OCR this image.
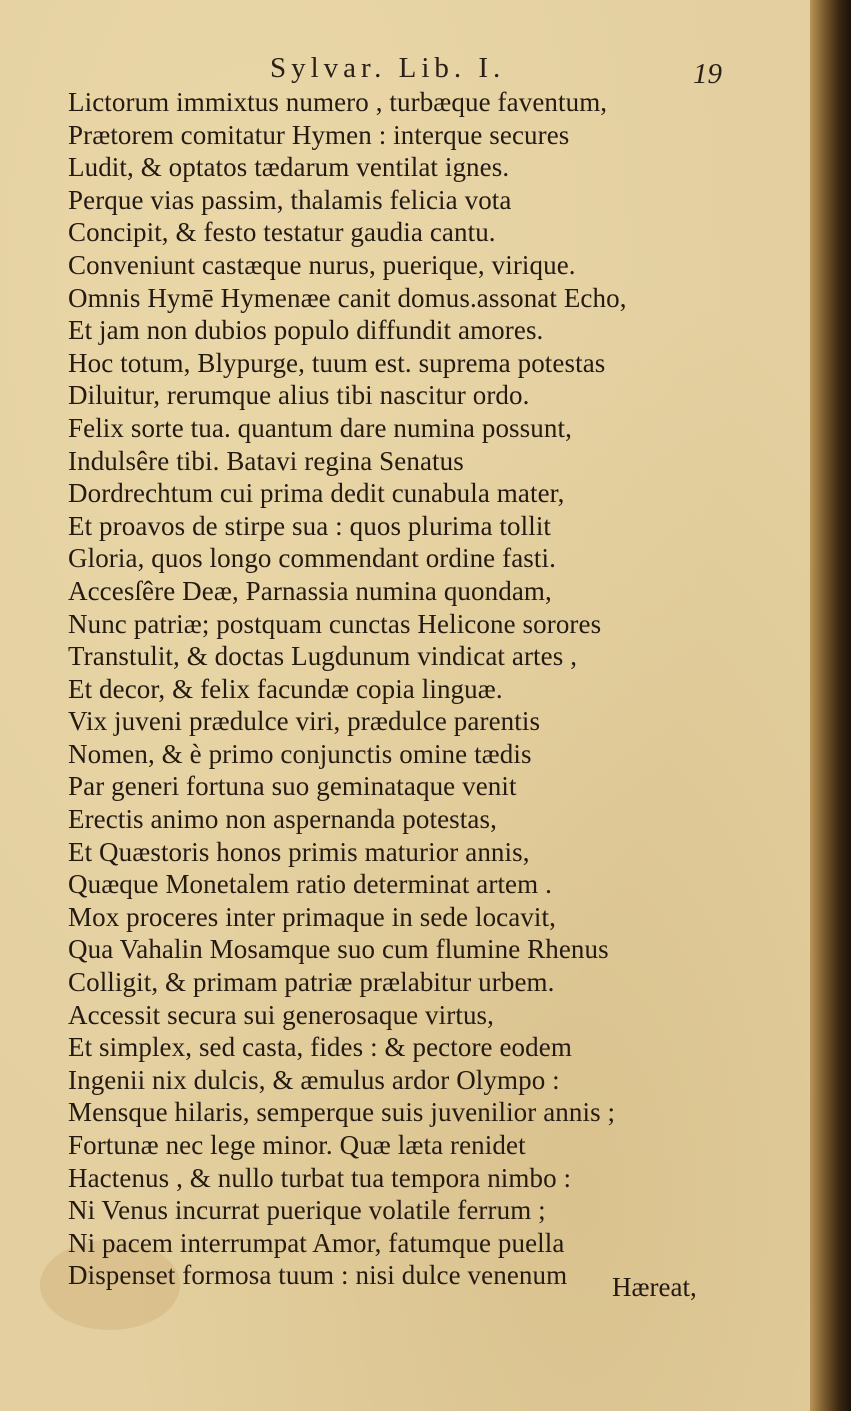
Sylvar. Lib. I.	19
Lictorum immixtus numero , turbæque faventum,
Prætorem comitatur Hymen : interque secures
Ludit, & optatos tædarum ventilat ignes.
Perque vias passim, thalamis felicia vota
Concipit, & festo testatur gaudia cantu.
Conveniunt castæque nurus, puerique, virique.
Omnis Hymē Hymenæe canit domus.assonat Echo,
Et jam non dubios populo diffundit amores.
Hoc totum, Blypurge, tuum est. suprema potestas
Diluitur, rerumque alius tibi nascitur ordo.
Felix sorte tua. quantum dare numina possunt,
Indulsêre tibi. Batavi regina Senatus
Dordrechtum cui prima dedit cunabula mater,
Et proavos de stirpe sua : quos plurima tollit
Gloria, quos longo commendant ordine fasti.
Accesſêre Deæ, Parnassia numina quondam,
Nunc patriæ; postquam cunctas Helicone sorores
Transtulit, & doctas Lugdunum vindicat artes ,
Et decor, & felix facundæ copia linguæ.
Vix juveni prædulce viri, prædulce parentis
Nomen, & è primo conjunctis omine tædis
Par generi fortuna suo geminataque venit
Erectis animo non aspernanda potestas,
Et Quæstoris honos primis maturior annis,
Quæque Monetalem ratio determinat artem .
Mox proceres inter primaque in sede locavit,
Qua Vahalin Mosamque suo cum flumine Rhenus
Colligit, & primam patriæ prælabitur urbem.
Accessit secura sui generosaque virtus,
Et simplex, sed casta, fides : & pectore eodem
Ingenii nix dulcis, & æmulus ardor Olympo :
Mensque hilaris, semperque suis juvenilior annis ;
Fortunæ nec lege minor. Quæ læta renidet
Hactenus , & nullo turbat tua tempora nimbo :
Ni Venus incurrat puerique volatile ferrum ;
Ni pacem interrumpat Amor, fatumque puella
Dispenset formosa tuum : nisi dulce venenum	Hæreat,
